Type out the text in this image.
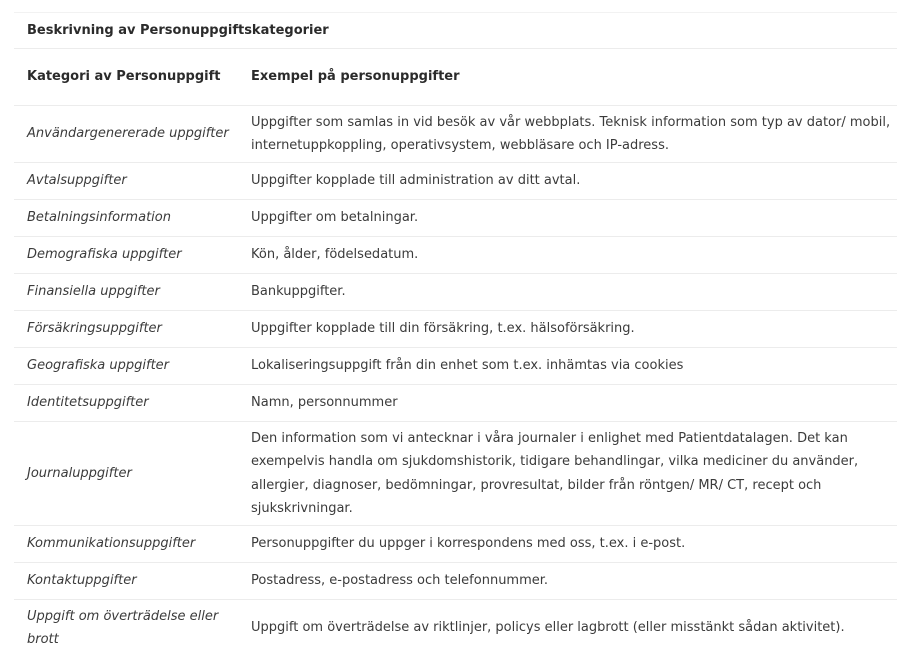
Beskrivning av Personuppgiftskategorier	
Kategori av Personuppgift	Exempel på personuppgifter
Användargenererade uppgifter	Uppgifter som samlas in vid besök av vår webbplats. Teknisk information som typ av dator/ mobil, internetuppkoppling, operativsystem, webbläsare och IP-adress.
Avtalsuppgifter	Uppgifter kopplade till administration av ditt avtal.
Betalningsinformation	Uppgifter om betalningar.
Demografiska uppgifter	Kön, ålder, födelsedatum.
Finansiella uppgifter	Bankuppgifter.
Försäkringsuppgifter	Uppgifter kopplade till din försäkring, t.ex. hälsoförsäkring.
Geografiska uppgifter	Lokaliseringsuppgift från din enhet som t.ex. inhämtas via cookies
Identitetsuppgifter	Namn, personnummer
Journaluppgifter	Den information som vi antecknar i våra journaler i enlighet med Patientdatalagen. Det kan exempelvis handla om sjukdomshistorik, tidigare behandlingar, vilka mediciner du använder, allergier, diagnoser, bedömningar, provresultat, bilder från röntgen/ MR/ CT, recept och sjukskrivningar.
Kommunikationsuppgifter	Personuppgifter du uppger i korrespondens med oss, t.ex. i e-post.
Kontaktuppgifter	Postadress, e-postadress och telefonnummer.
Uppgift om överträdelse eller brott	Uppgift om överträdelse av riktlinjer, policys eller lagbrott (eller misstänkt sådan aktivitet).
